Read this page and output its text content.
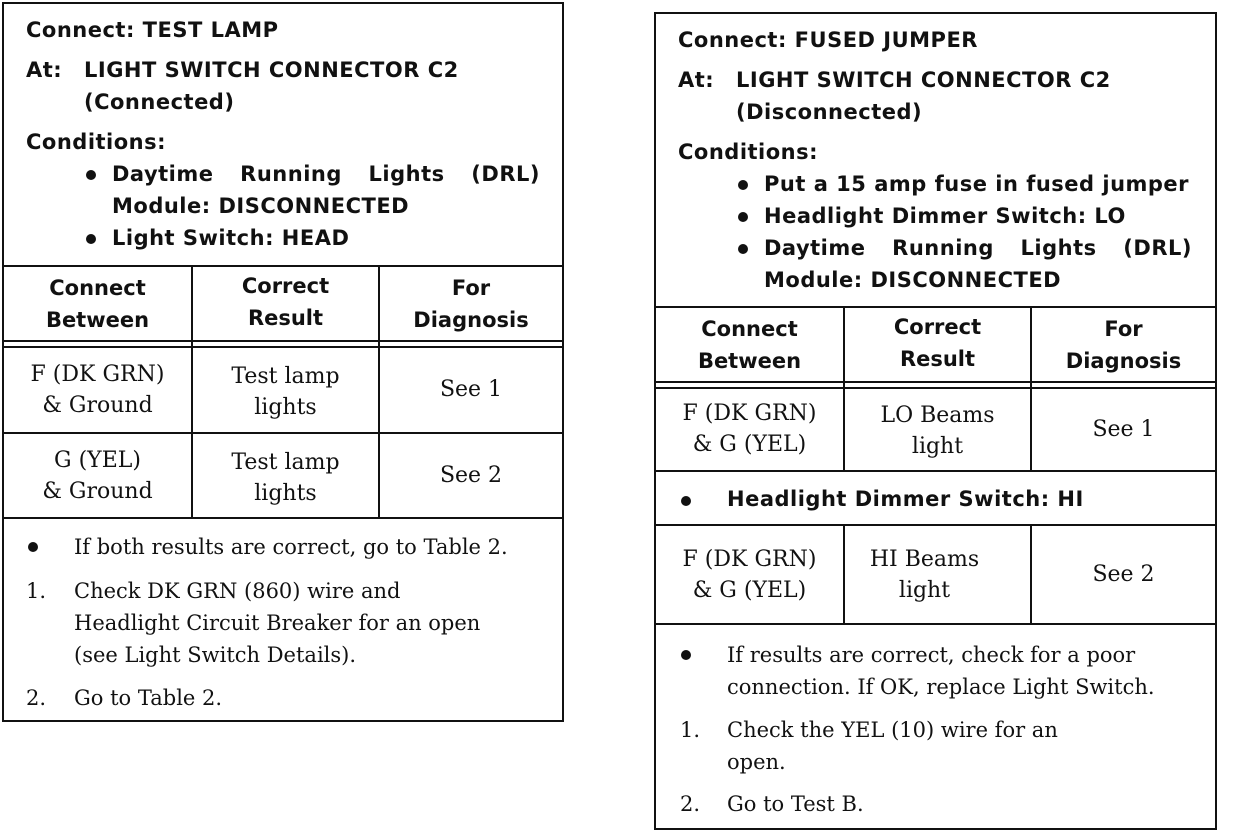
Connect: TEST LAMP
At: LIGHT SWITCH CONNECTOR C2
(Connected)
Conditions:
Daytime Running Lights (DRL)
Module: DISCONNECTED
Light Switch: HEAD
Connect
Between
Correct
Result
For
Diagnosis
F (DK GRN)
& Ground
Test lamp
lights
See 1
G (YEL)
& Ground
Test lamp
lights
See 2
If both results are correct, go to Table 2.
1. Check DK GRN (860) wire and
Headlight Circuit Breaker for an open
(see Light Switch Details).
2. Go to Table 2.
Connect: FUSED JUMPER
At: LIGHT SWITCH CONNECTOR C2
(Disconnected)
Conditions:
Put a 15 amp fuse in fused jumper
Headlight Dimmer Switch: LO
Daytime Running Lights (DRL)
Module: DISCONNECTED
Connect
Between
Correct
Result
For
Diagnosis
F (DK GRN)
& G (YEL)
LO Beams
light
See 1
Headlight Dimmer Switch: HI
F (DK GRN)
& G (YEL)
HI Beams
light
See 2
If results are correct, check for a poor
connection. If OK, replace Light Switch.
1. Check the YEL (10) wire for an
open.
2. Go to Test B.
